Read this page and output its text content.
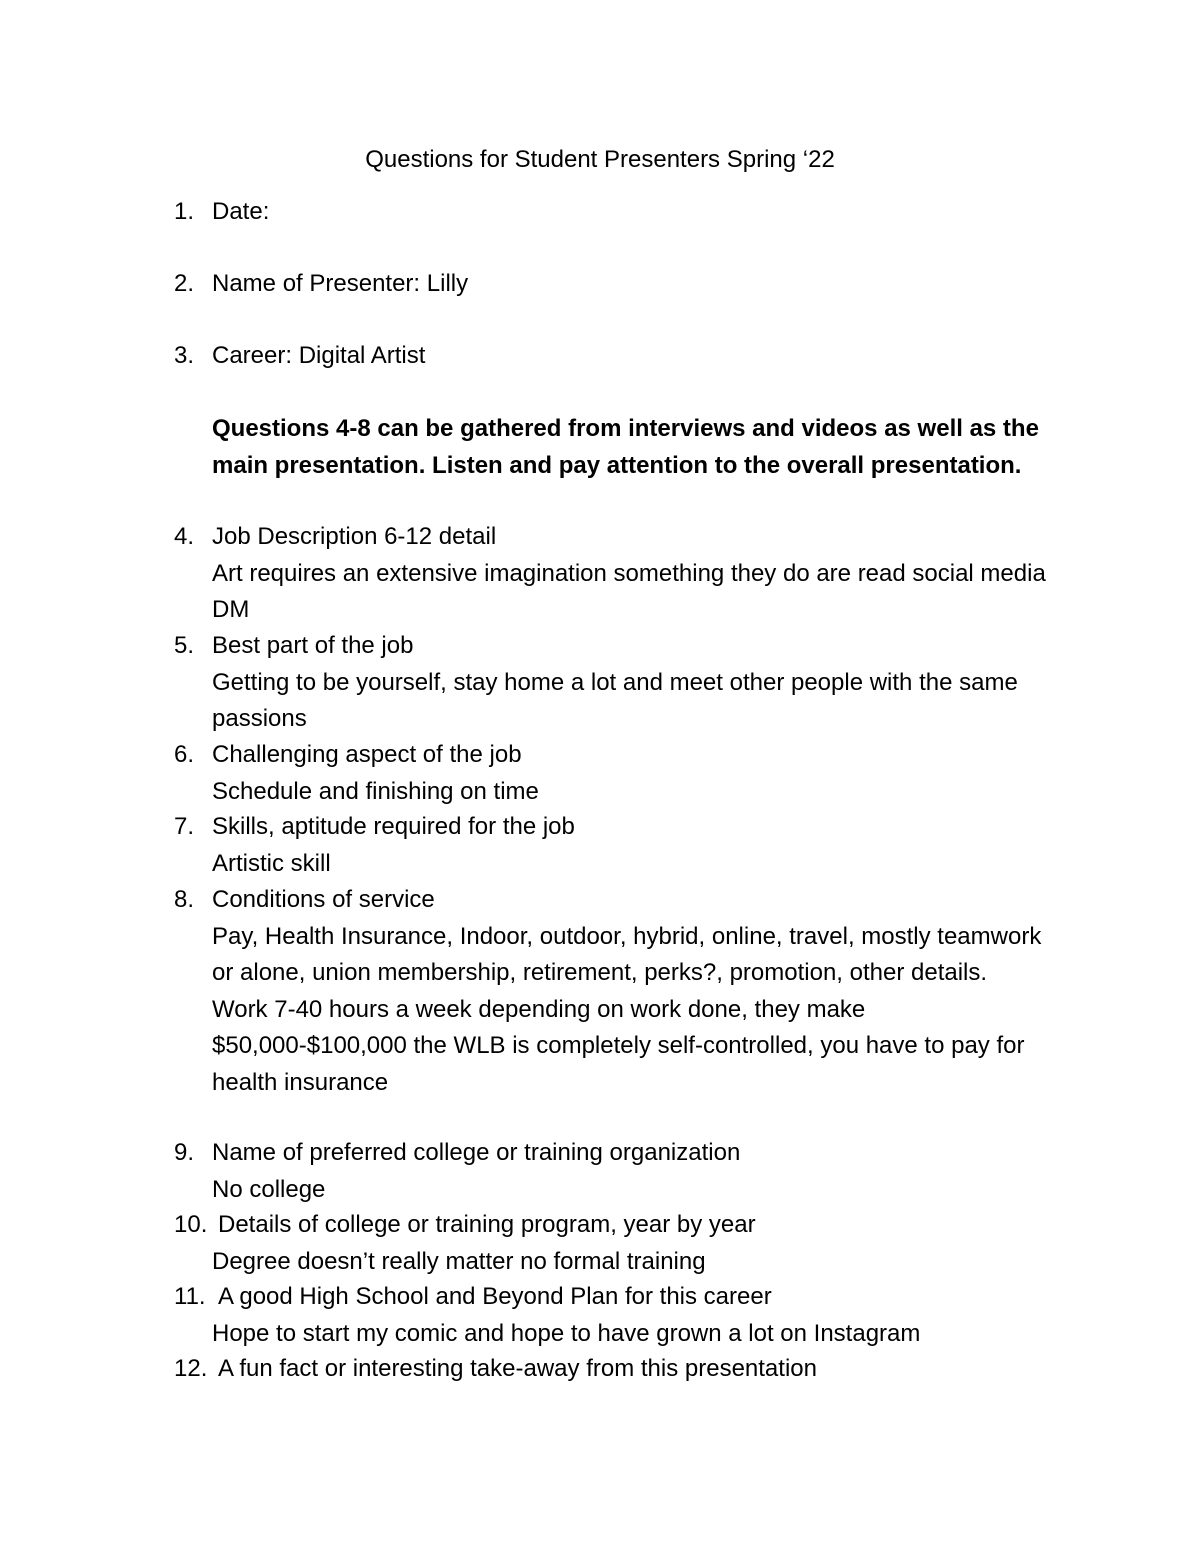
Questions for Student Presenters Spring ‘22
1. Date:
2. Name of Presenter: Lilly
3. Career: Digital Artist
Questions 4-8 can be gathered from interviews and videos as well as the main presentation. Listen and pay attention to the overall presentation.
4. Job Description 6-12 detail
Art requires an extensive imagination something they do are read social media DM
5. Best part of the job
Getting to be yourself, stay home a lot and meet other people with the same passions
6. Challenging aspect of the job
Schedule and finishing on time
7. Skills, aptitude required for the job
Artistic skill
8. Conditions of service
Pay, Health Insurance, Indoor, outdoor, hybrid, online, travel, mostly teamwork or alone, union membership, retirement, perks?, promotion, other details.
Work 7-40 hours a week depending on work done, they make $50,000-$100,000 the WLB is completely self-controlled, you have to pay for health insurance
9. Name of preferred college or training organization
No college
10. Details of college or training program, year by year
Degree doesn’t really matter no formal training
11. A good High School and Beyond Plan for this career
Hope to start my comic and hope to have grown a lot on Instagram
12. A fun fact or interesting take-away from this presentation
